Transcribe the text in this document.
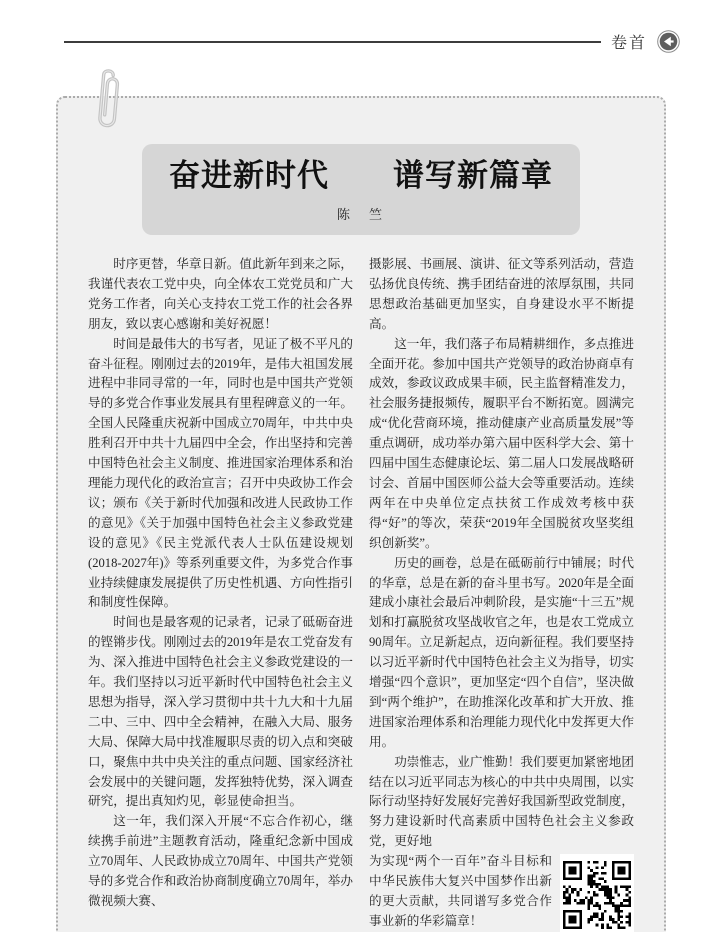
卷首
奋进新时代　　谱写新篇章
陈　竺

时序更替，华章日新。值此新年到来之际，我谨代表农工党中央，向全体农工党党员和广大党务工作者，向关心支持农工党工作的社会各界朋友，致以衷心感谢和美好祝愿！

时间是最伟大的书写者，见证了极不平凡的奋斗征程。刚刚过去的2019年，是伟大祖国发展进程中非同寻常的一年，同时也是中国共产党领导的多党合作事业发展具有里程碑意义的一年。全国人民隆重庆祝新中国成立70周年，中共中央胜利召开中共十九届四中全会，作出坚持和完善中国特色社会主义制度、推进国家治理体系和治理能力现代化的政治宣言；召开中央政协工作会议；颁布《关于新时代加强和改进人民政协工作的意见》《关于加强中国特色社会主义参政党建设的意见》《民主党派代表人士队伍建设规划(2018-2027年)》等系列重要文件，为多党合作事业持续健康发展提供了历史性机遇、方向性指引和制度性保障。

时间也是最客观的记录者，记录了砥砺奋进的铿锵步伐。刚刚过去的2019年是农工党奋发有为、深入推进中国特色社会主义参政党建设的一年。我们坚持以习近平新时代中国特色社会主义思想为指导，深入学习贯彻中共十九大和十九届二中、三中、四中全会精神，在融入大局、服务大局、保障大局中找准履职尽责的切入点和突破口，聚焦中共中央关注的重点问题、国家经济社会发展中的关键问题，发挥独特优势，深入调查研究，提出真知灼见，彰显使命担当。

这一年，我们深入开展“不忘合作初心，继续携手前进”主题教育活动，隆重纪念新中国成立70周年、人民政协成立70周年、中国共产党领导的多党合作和政治协商制度确立70周年，举办微视频大赛、

摄影展、书画展、演讲、征文等系列活动，营造弘扬优良传统、携手团结奋进的浓厚氛围，共同思想政治基础更加坚实，自身建设水平不断提高。

这一年，我们落子布局精耕细作，多点推进全面开花。参加中国共产党领导的政治协商卓有成效，参政议政成果丰硕，民主监督精准发力，社会服务捷报频传，履职平台不断拓宽。圆满完成“优化营商环境，推动健康产业高质量发展”等重点调研，成功举办第六届中医科学大会、第十四届中国生态健康论坛、第二届人口发展战略研讨会、首届中国医师公益大会等重要活动。连续两年在中央单位定点扶贫工作成效考核中获得“好”的等次，荣获“2019年全国脱贫攻坚奖组织创新奖”。

历史的画卷，总是在砥砺前行中铺展；时代的华章，总是在新的奋斗里书写。2020年是全面建成小康社会最后冲刺阶段，是实施“十三五”规划和打赢脱贫攻坚战收官之年，也是农工党成立90周年。立足新起点，迈向新征程。我们要坚持以习近平新时代中国特色社会主义为指导，切实增强“四个意识”，更加坚定“四个自信”，坚决做到“两个维护”，在助推深化改革和扩大开放、推进国家治理体系和治理能力现代化中发挥更大作用。

功崇惟志，业广惟勤！我们要更加紧密地团结在以习近平同志为核心的中共中央周围，以实际行动坚持好发展好完善好我国新型政党制度，努力建设新时代高素质中国特色社会主义参政党，更好地

为实现“两个一百年”奋斗目标和中华民族伟大复兴中国梦作出新的更大贡献，共同谱写多党合作事业新的华彩篇章！
